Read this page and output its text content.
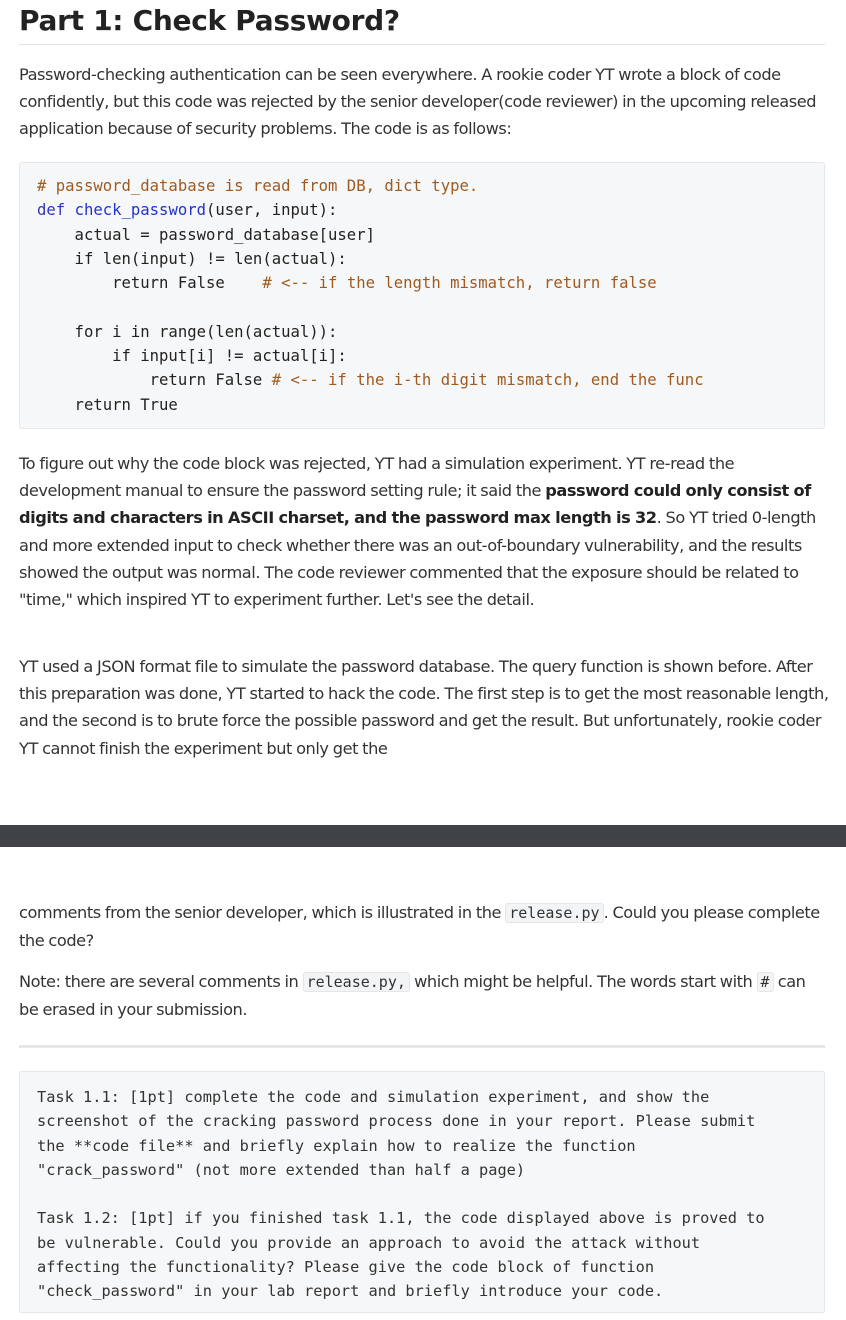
Part 1: Check Password?

Password-checking authentication can be seen everywhere. A rookie coder YT wrote a block of code confidently, but this code was rejected by the senior developer(code reviewer) in the upcoming released application because of security problems. The code is as follows:

# password_database is read from DB, dict type.
def check_password(user, input):
actual = password_database[user]
if len(input) != len(actual):
return False    # <-- if the length mismatch, return false

for i in range(len(actual)):
if input[i] != actual[i]:
return False # <-- if the i-th digit mismatch, end the func
return True

To figure out why the code block was rejected, YT had a simulation experiment. YT re-read the development manual to ensure the password setting rule; it said the password could only consist of digits and characters in ASCII charset, and the password max length is 32. So YT tried 0-length and more extended input to check whether there was an out-of-boundary vulnerability, and the results showed the output was normal. The code reviewer commented that the exposure should be related to "time," which inspired YT to experiment further. Let's see the detail.

YT used a JSON format file to simulate the password database. The query function is shown before. After this preparation was done, YT started to hack the code. The first step is to get the most reasonable length, and the second is to brute force the possible password and get the result. But unfortunately, rookie coder YT cannot finish the experiment but only get the

comments from the senior developer, which is illustrated in the release.py . Could you please complete the code?

Note: there are several comments in release.py, which might be helpful. The words start with # can be erased in your submission.

Task 1.1: [1pt] complete the code and simulation experiment, and show the
screenshot of the cracking password process done in your report. Please submit
the **code file** and briefly explain how to realize the function
"crack_password" (not more extended than half a page)

Task 1.2: [1pt] if you finished task 1.1, the code displayed above is proved to
be vulnerable. Could you provide an approach to avoid the attack without
affecting the functionality? Please give the code block of function
"check_password" in your lab report and briefly introduce your code.
